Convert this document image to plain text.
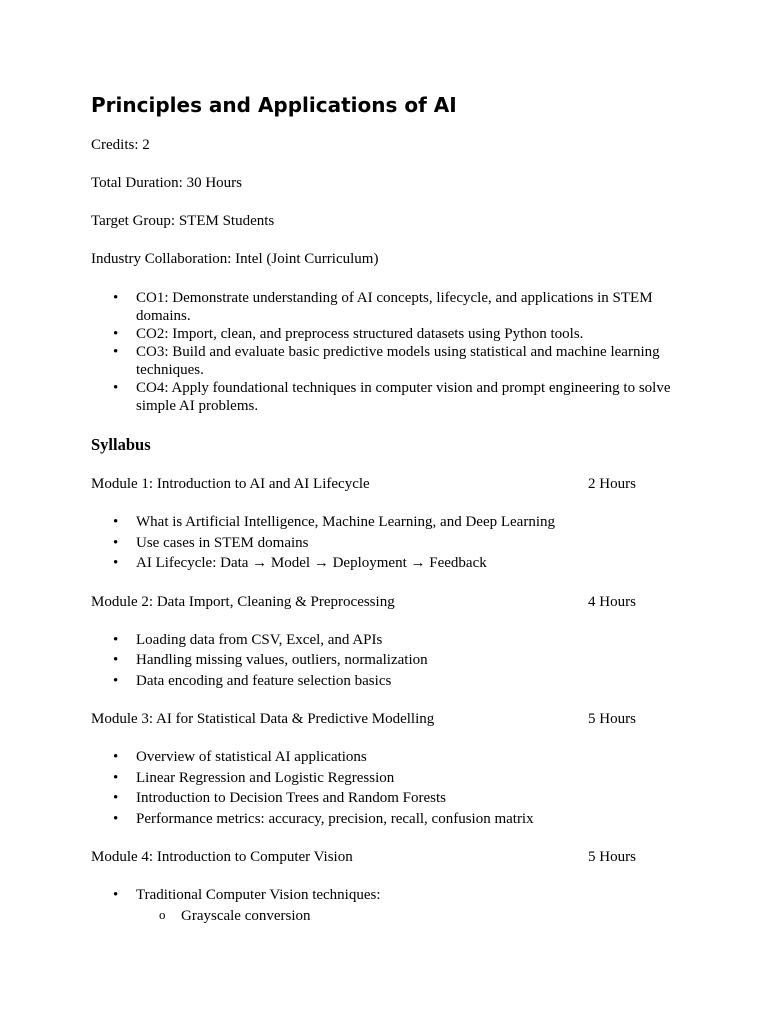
Principles and Applications of AI

Credits: 2

Total Duration: 30 Hours

Target Group: STEM Students

Industry Collaboration: Intel (Joint Curriculum)

• CO1: Demonstrate understanding of AI concepts, lifecycle, and applications in STEM domains.
• CO2: Import, clean, and preprocess structured datasets using Python tools.
• CO3: Build and evaluate basic predictive models using statistical and machine learning techniques.
• CO4: Apply foundational techniques in computer vision and prompt engineering to solve simple AI problems.
Syllabus
Module 1: Introduction to AI and AI Lifecycle	2 Hours
• What is Artificial Intelligence, Machine Learning, and Deep Learning
• Use cases in STEM domains
• AI Lifecycle: Data → Model → Deployment → Feedback
Module 2: Data Import, Cleaning & Preprocessing	4 Hours
• Loading data from CSV, Excel, and APIs
• Handling missing values, outliers, normalization
• Data encoding and feature selection basics
Module 3: AI for Statistical Data & Predictive Modelling	5 Hours
• Overview of statistical AI applications
• Linear Regression and Logistic Regression
• Introduction to Decision Trees and Random Forests
• Performance metrics: accuracy, precision, recall, confusion matrix
Module 4: Introduction to Computer Vision	5 Hours
• Traditional Computer Vision techniques:
o Grayscale conversion
